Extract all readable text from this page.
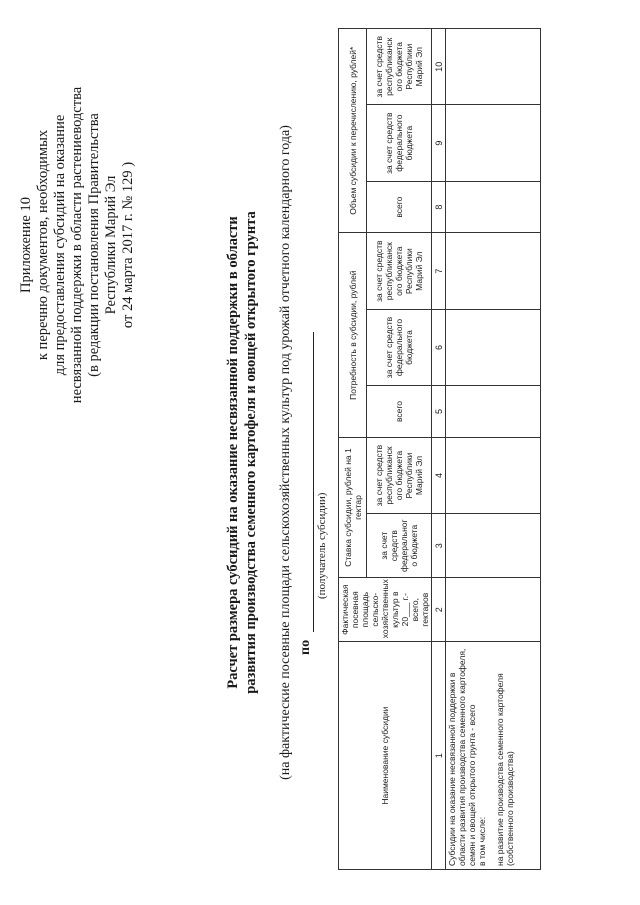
Приложение 10 к перечню документов, необходимых для предоставления субсидий на оказание несвязанной поддержки в области растениеводства (в редакции постановления Правительства Республики Марий Эл от 24 марта 2017 г. № 129 )	Расчет размера субсидий на оказание несвязанной поддержки в области развития производства семенного картофеля и овощей открытого грунта (на фактические посевные площади сельскохозяйственных культур под урожай отчетного календарного года) по
(получатель субсидии)
Наименование субсидии	Фактическая посевная площадь сельско-хозяйственных культур в 20___ г.- всего, гектаров	Ставка субсидии, рублей на 1 гектар		Потребность в субсидии, рублей			Объем субсидии к перечислению, рублей*		
		за счет средств федеральног о бюджета	за счет средств республиканск ого бюджета Республики Марий Эл	всего	за счет средств федерального бюджета	за счет средств республиканск ого бюджета Республики Марий Эл	всего	за счет средств федерального бюджета	за счет средств республиканск ого бюджета Республики Марий Эл
1	2	3	4	5	6	7	8	9	10

Субсидии на оказание несвязанной поддержки в области развития производства семенного картофеля, семян и овощей открытого грунта - всего в том числе: на развитие производства семенного картофеля (собственного производства)									
